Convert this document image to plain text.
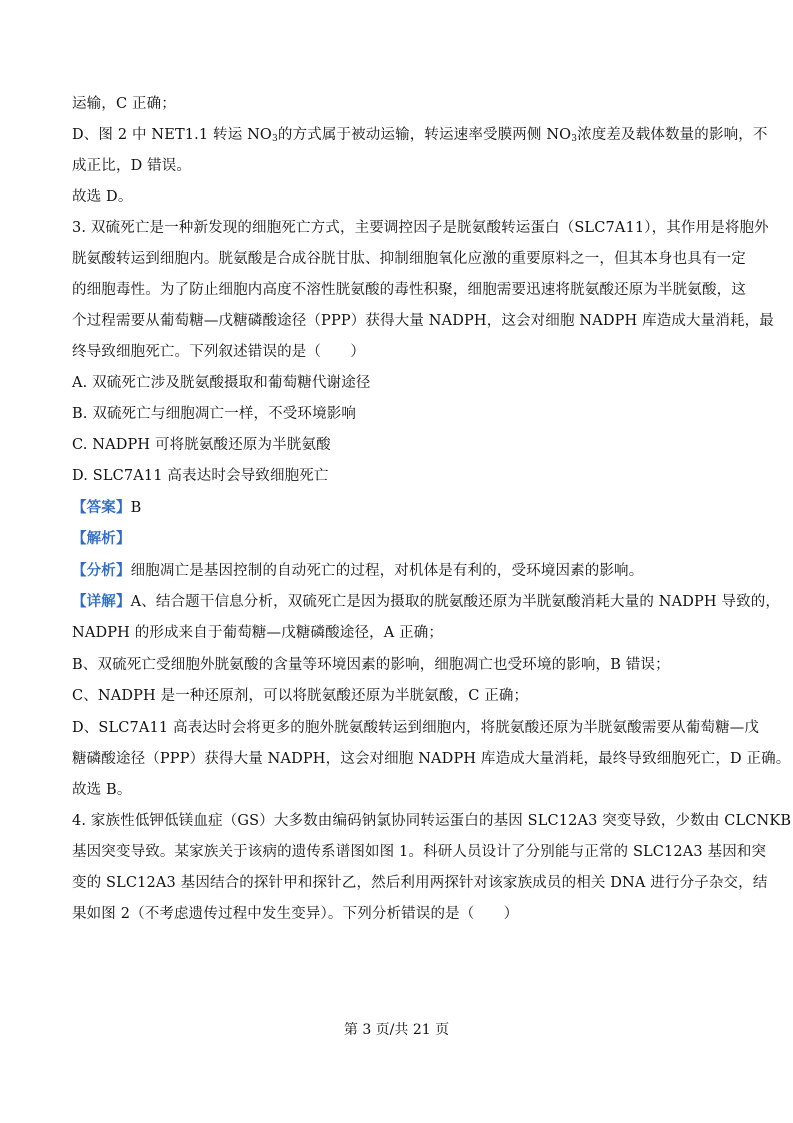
运输，C 正确；
D、图 2 中 NET1.1 转运 $NO_3$的方式属于被动运输，转运速率受膜两侧 $NO_3$浓度差及载体数量的影响，不
成正比，D 错误。
故选 D。
3. 双硫死亡是一种新发现的细胞死亡方式，主要调控因子是胱氨酸转运蛋白（SLC7A11），其作用是将胞外
胱氨酸转运到细胞内。胱氨酸是合成谷胱甘肽、抑制细胞氧化应激的重要原料之一，但其本身也具有一定
的细胞毒性。为了防止细胞内高度不溶性胱氨酸的毒性积聚，细胞需要迅速将胱氨酸还原为半胱氨酸，这
个过程需要从葡萄糖—戊糖磷酸途径（PPP）获得大量 NADPH，这会对细胞 NADPH 库造成大量消耗，最
终导致细胞死亡。下列叙述错误的是（　　）
A. 双硫死亡涉及胱氨酸摄取和葡萄糖代谢途径
B. 双硫死亡与细胞凋亡一样，不受环境影响
C. NADPH 可将胱氨酸还原为半胱氨酸
D. SLC7A11 高表达时会导致细胞死亡
【答案】B
【解析】
【分析】细胞凋亡是基因控制的自动死亡的过程，对机体是有利的，受环境因素的影响。
【详解】A、结合题干信息分析，双硫死亡是因为摄取的胱氨酸还原为半胱氨酸消耗大量的 NADPH 导致的，
NADPH 的形成来自于葡萄糖—戊糖磷酸途径，A 正确；
B、双硫死亡受细胞外胱氨酸的含量等环境因素的影响，细胞凋亡也受环境的影响，B 错误；
C、NADPH 是一种还原剂，可以将胱氨酸还原为半胱氨酸，C 正确；
D、SLC7A11 高表达时会将更多的胞外胱氨酸转运到细胞内，将胱氨酸还原为半胱氨酸需要从葡萄糖—戊
糖磷酸途径（PPP）获得大量 NADPH，这会对细胞 NADPH 库造成大量消耗，最终导致细胞死亡，D 正确。
故选 B。
4. 家族性低钾低镁血症（GS）大多数由编码钠氯协同转运蛋白的基因 SLC12A3 突变导致，少数由 CLCNKB
基因突变导致。某家族关于该病的遗传系谱图如图 1。科研人员设计了分别能与正常的 SLC12A3 基因和突
变的 SLC12A3 基因结合的探针甲和探针乙，然后利用两探针对该家族成员的相关 DNA 进行分子杂交，结
果如图 2（不考虑遗传过程中发生变异）。下列分析错误的是（　　）
第 3 页/共 21 页
